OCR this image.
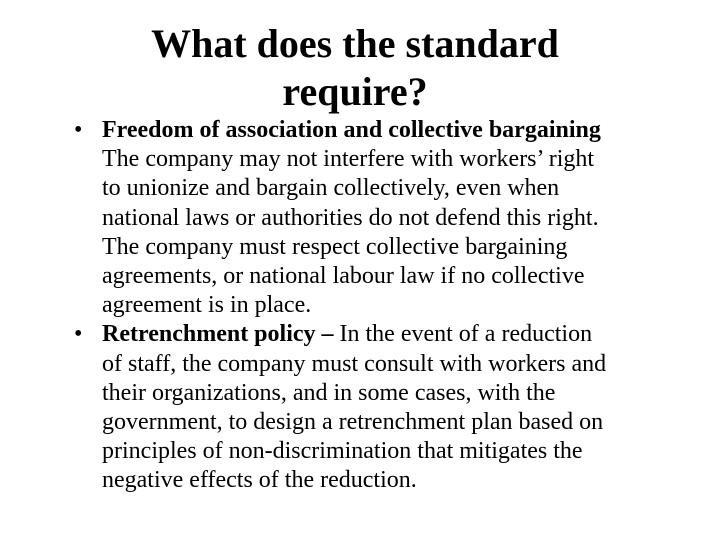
What does the standard
require?
• Freedom of association and collective bargaining
The company may not interfere with workers’ right
to unionize and bargain collectively, even when
national laws or authorities do not defend this right.
The company must respect collective bargaining
agreements, or national labour law if no collective
agreement is in place.
• Retrenchment policy – In the event of a reduction
of staff, the company must consult with workers and
their organizations, and in some cases, with the
government, to design a retrenchment plan based on
principles of non-discrimination that mitigates the
negative effects of the reduction.
